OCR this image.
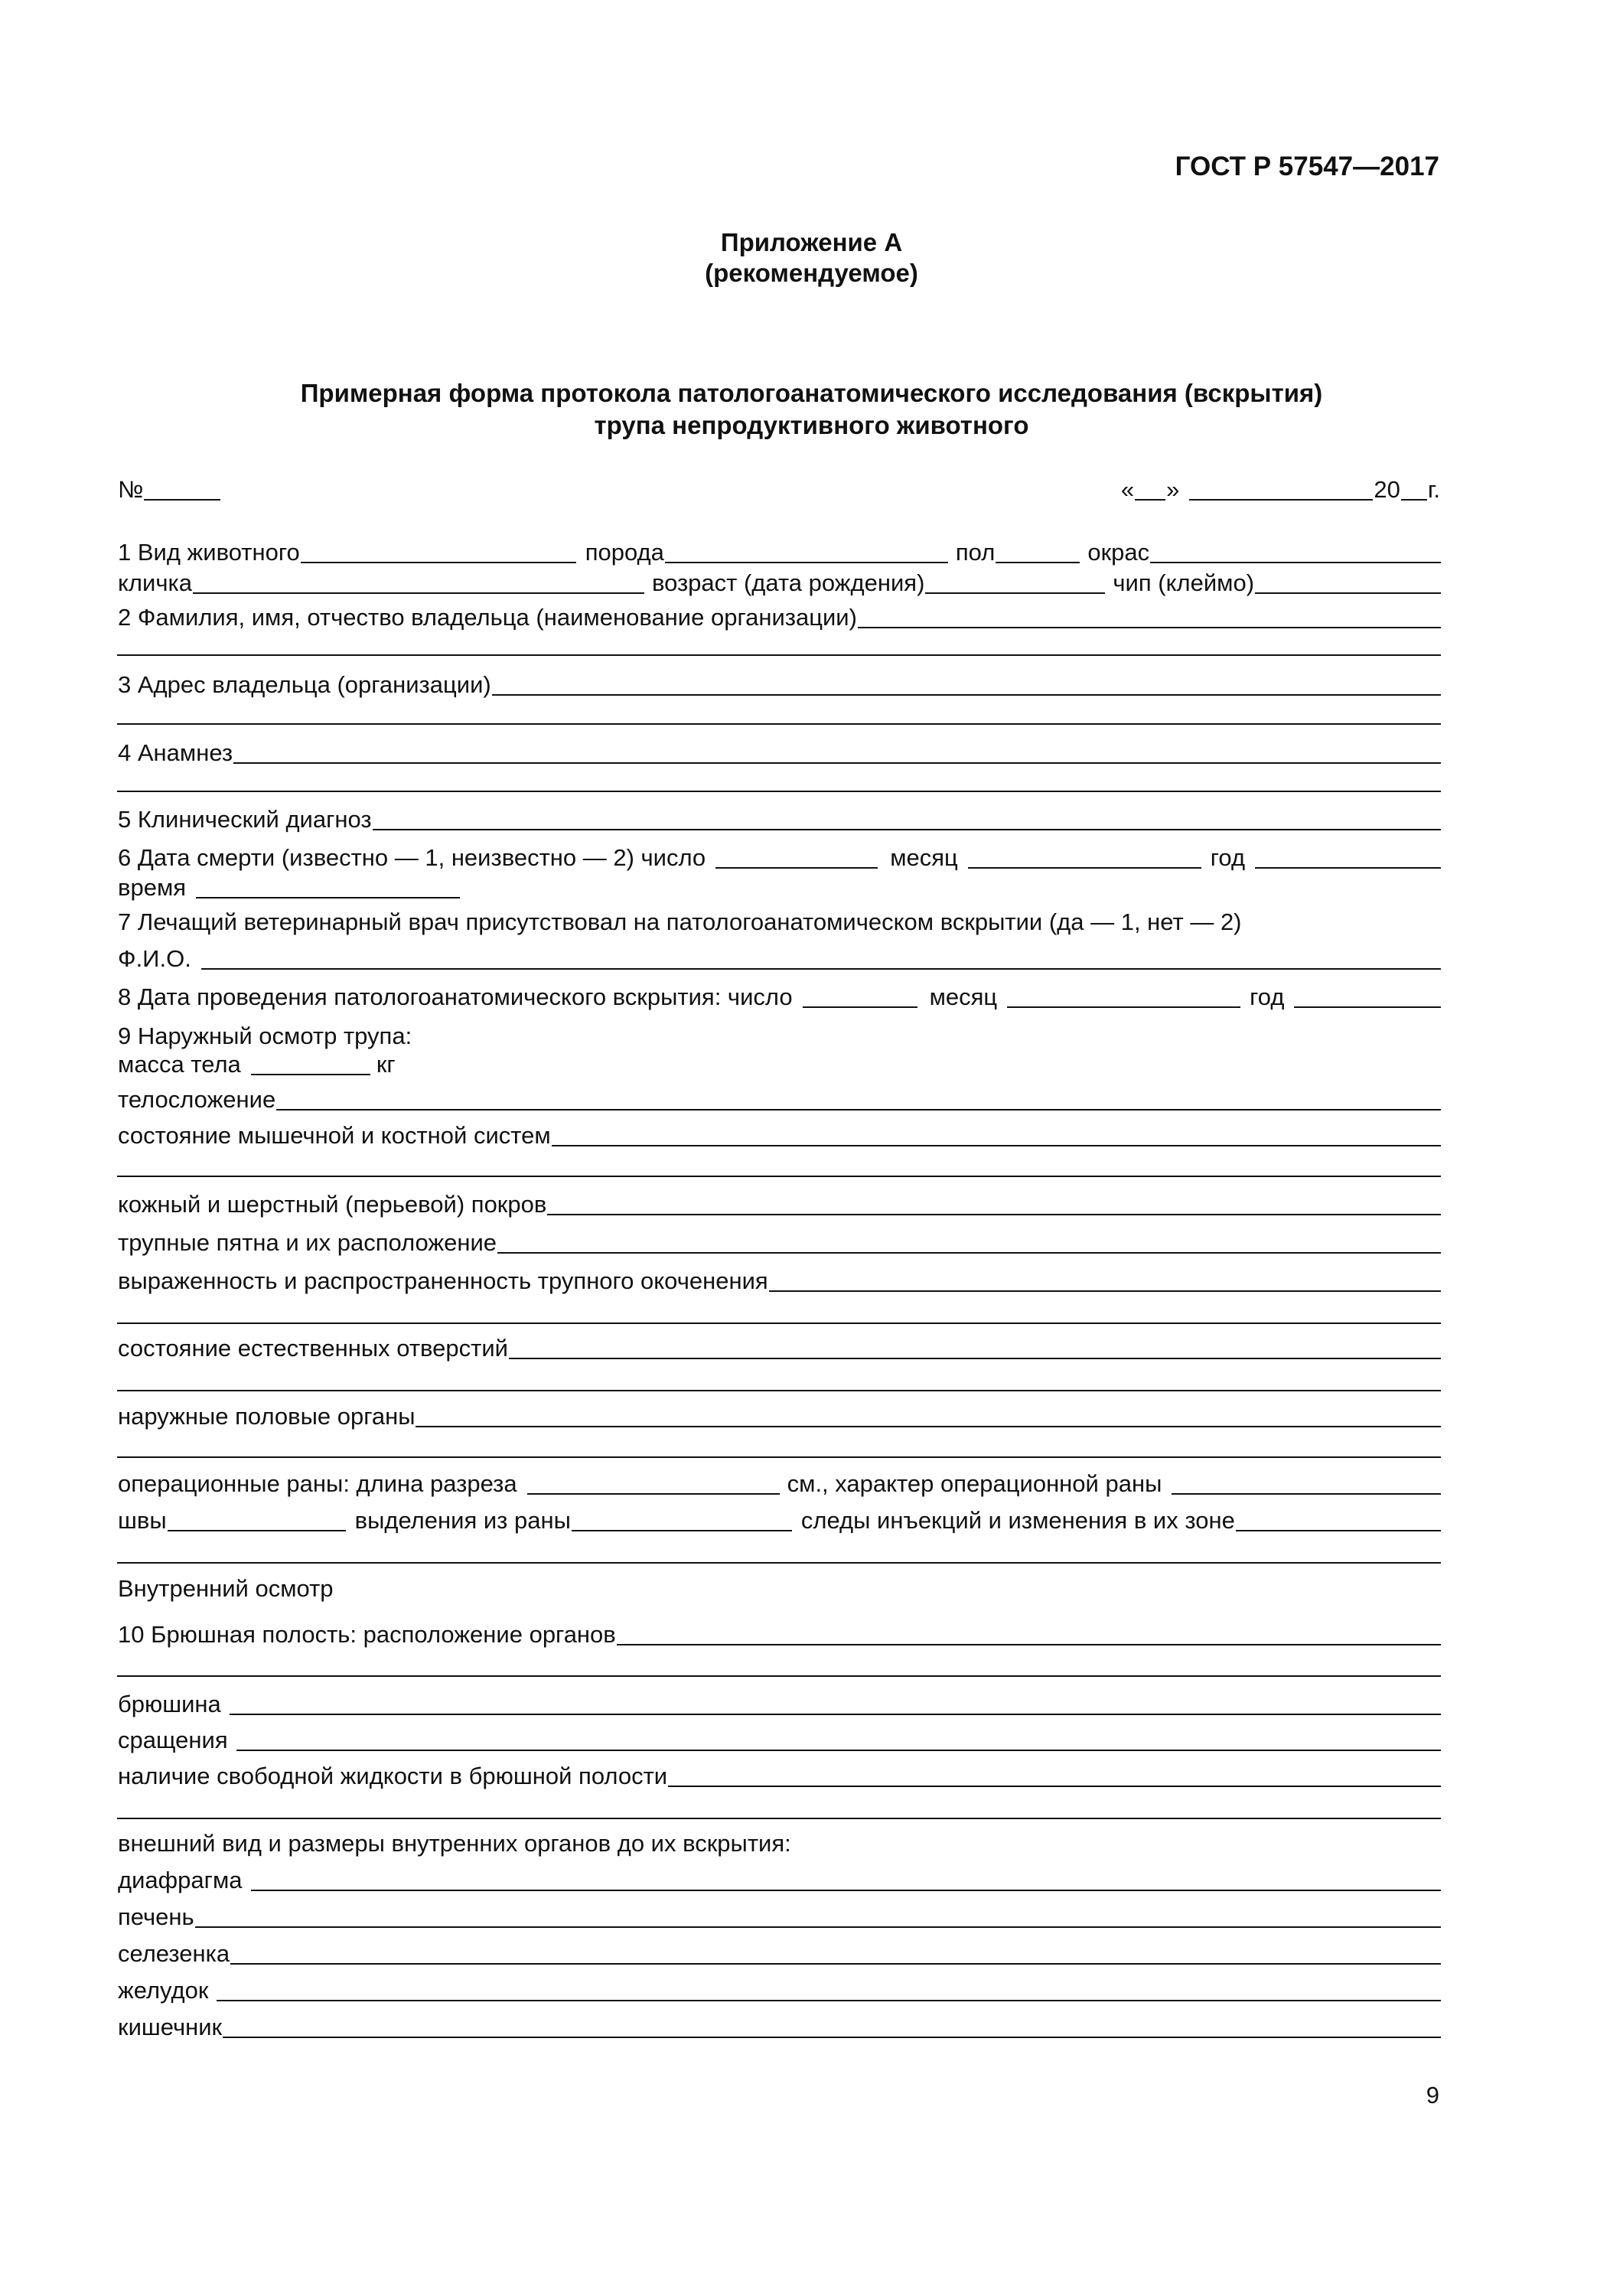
ГОСТ Р 57547—2017
Приложение А
(рекомендуемое)
Примерная форма протокола патологоанатомического исследования (вскрытия)
трупа непродуктивного животного
№	« »	20 г.
1 Вид животного	порода	пол	окрас
кличка	возраст (дата рождения)	чип (клеймо)
2 Фамилия, имя, отчество владельца (наименование организации)
3 Адрес владельца (организации)
4 Анамнез
5 Клинический диагноз
6 Дата смерти (известно — 1, неизвестно — 2) число	месяц	год
время
7 Лечащий ветеринарный врач присутствовал на патологоанатомическом вскрытии (да — 1, нет — 2)
Ф.И.О.
8 Дата проведения патологоанатомического вскрытия: число	месяц	год
9 Наружный осмотр трупа:
масса тела	кг
телосложение
состояние мышечной и костной систем
кожный и шерстный (перьевой) покров
трупные пятна и их расположение
выраженность и распространенность трупного окоченения
состояние естественных отверстий
наружные половые органы
операционные раны: длина разреза	см., характер операционной раны
швы	выделения из раны	следы инъекций и изменения в их зоне
Внутренний осмотр
10 Брюшная полость: расположение органов
брюшина
сращения
наличие свободной жидкости в брюшной полости
внешний вид и размеры внутренних органов до их вскрытия:
диафрагма
печень
селезенка
желудок
кишечник
9
